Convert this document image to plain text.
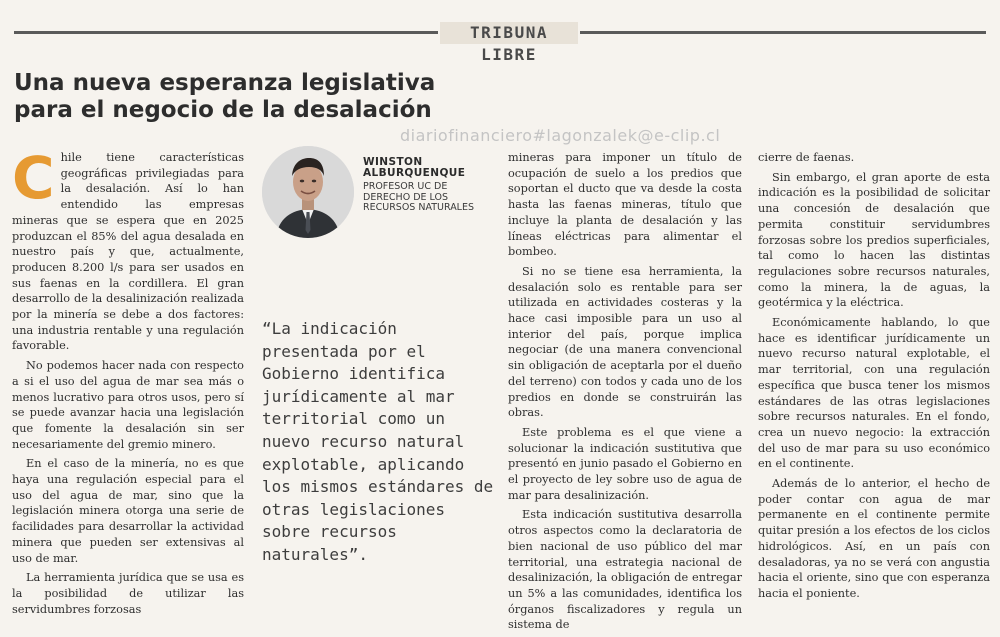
TRIBUNA LIBRE
Una nueva esperanza legislativa para el negocio de la desalación
diariofinanciero#lagonzalek@e-clip.cl

Chile tiene características geográficas privilegiadas para la desalación. Así lo han entendido las empresas mineras que se espera que en 2025 produzcan el 85% del agua desalada en nuestro país y que, actualmente, producen 8.200 l/s para ser usados en sus faenas en la cordillera. El gran desarrollo de la desalinización realizada por la minería se debe a dos factores: una industria rentable y una regulación favorable.

No podemos hacer nada con respecto a si el uso del agua de mar sea más o menos lucrativo para otros usos, pero sí se puede avanzar hacia una legislación que fomente la desalación sin ser necesariamente del gremio minero.

En el caso de la minería, no es que haya una regulación especial para el uso del agua de mar, sino que la legislación minera otorga una serie de facilidades para desarrollar la actividad minera que pueden ser extensivas al uso de mar.

La herramienta jurídica que se usa es la posibilidad de utilizar las servidumbres forzosas

WINSTON ALBURQUENQUE
PROFESOR UC DE DERECHO DE LOS RECURSOS NATURALES

“La indicación presentada por el Gobierno identifica jurídicamente al mar territorial como un nuevo recurso natural explotable, aplicando los mismos estándares de otras legislaciones sobre recursos naturales”.

mineras para imponer un título de ocupación de suelo a los predios que soportan el ducto que va desde la costa hasta las faenas mineras, título que incluye la planta de desalación y las líneas eléctricas para alimentar el bombeo.

Si no se tiene esa herramienta, la desalación solo es rentable para ser utilizada en actividades costeras y la hace casi imposible para un uso al interior del país, porque implica negociar (de una manera convencional sin obligación de aceptarla por el dueño del terreno) con todos y cada uno de los predios en donde se construirán las obras.

Este problema es el que viene a solucionar la indicación sustitutiva que presentó en junio pasado el Gobierno en el proyecto de ley sobre uso de agua de mar para desalinización.

Esta indicación sustitutiva desarrolla otros aspectos como la declaratoria de bien nacional de uso público del mar territorial, una estrategia nacional de desalinización, la obligación de entregar un 5% a las comunidades, identifica los órganos fiscalizadores y regula un sistema de

cierre de faenas.

Sin embargo, el gran aporte de esta indicación es la posibilidad de solicitar una concesión de desalación que permita constituir servidumbres forzosas sobre los predios superficiales, tal como lo hacen las distintas regulaciones sobre recursos naturales, como la minera, la de aguas, la geotérmica y la eléctrica.

Económicamente hablando, lo que hace es identificar jurídicamente un nuevo recurso natural explotable, el mar territorial, con una regulación específica que busca tener los mismos estándares de las otras legislaciones sobre recursos naturales. En el fondo, crea un nuevo negocio: la extracción del uso de mar para su uso económico en el continente.

Además de lo anterior, el hecho de poder contar con agua de mar permanente en el continente permite quitar presión a los efectos de los ciclos hidrológicos. Así, en un país con desaladoras, ya no se verá con angustia hacia el oriente, sino que con esperanza hacia el poniente.
